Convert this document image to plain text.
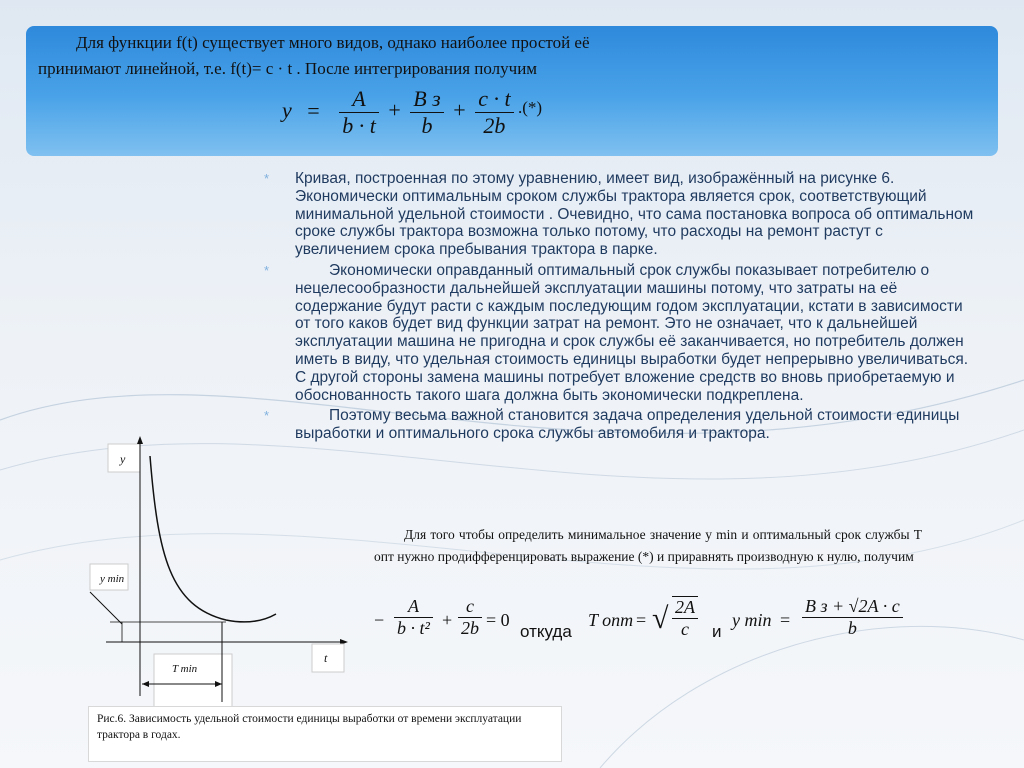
Для функции f(t) существует много видов, однако наиболее простой её

принимают линейной, т.е. f(t)= c · t . После интегрирования получим

$y = \frac{A}{b \cdot t} + \frac{\text{B з}}{b} + \frac{c \cdot t}{2b}$ .(*)
* Кривая, построенная по этому уравнению, имеет вид, изображённый на рисунке 6. Экономически оптимальным сроком службы трактора является срок, соответствующий минимальной удельной стоимости . Очевидно, что сама постановка вопроса об оптимальном сроке службы трактора возможна только потому, что расходы на ремонт растут с увеличением срока пребывания трактора в парке.
*	Экономически оправданный оптимальный срок службы показывает потребителю о нецелесообразности дальнейшей эксплуатации машины потому, что затраты на её содержание будут расти с каждым последующим годом эксплуатации, кстати в зависимости от того каков будет вид функции затрат на ремонт. Это не означает, что к дальнейшей эксплуатации машина не пригодна и срок службы её заканчивается, но потребитель должен иметь в виду, что удельная стоимость единицы выработки будет непрерывно увеличиваться. С другой стороны замена машины потребует вложение средств во вновь приобретаемую и обоснованность такого шага должна быть экономически подкреплена.
*	Поэтому весьма важной становится задача определения удельной стоимости единицы выработки и оптимального срока службы автомобиля и трактора.

Для того чтобы определить минимальное значение y min и оптимальный срок службы T опт нужно продифференцировать выражение (*) и приравнять производную к нулю, получим

− $\frac{A}{\text{b · t²}} + \frac{c}{2b} = 0$
откуда
T опт = √ $\frac{2A}{c}$ и
y min =
B з + √2A · c
b
y
t
y min
T min
Рис.6. Зависимость удельной стоимости единицы выработки от времени эксплуатации трактора в годах.
